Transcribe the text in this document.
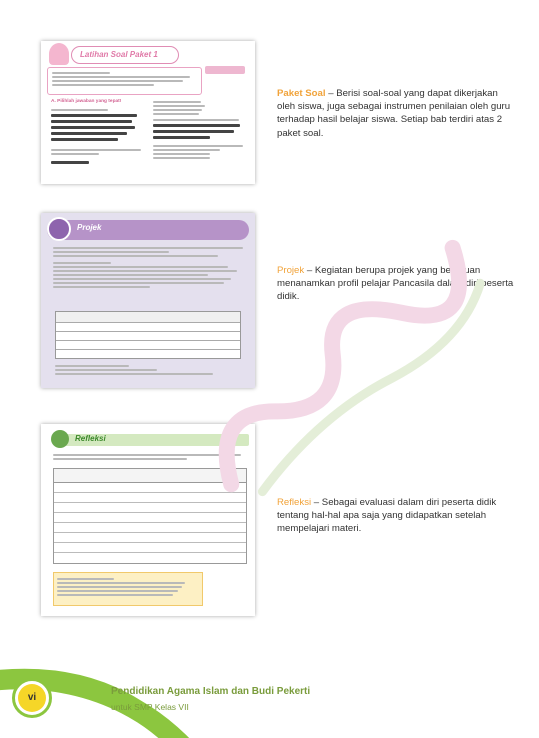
Latihan Soal Paket 1
A. Pilihlah jawaban yang tepat!
Paket Soal – Berisi soal-soal yang dapat dikerjakan oleh siswa, juga sebagai instrumen penilaian oleh guru terhadap hasil belajar siswa. Setiap bab terdiri atas 2 paket soal.
Projek
Projek – Kegiatan berupa projek yang bertujuan menanamkan profil pelajar Pancasila dalam diri peserta didik.
Refleksi
Refleksi – Sebagai evaluasi dalam diri peserta didik tentang hal-hal apa saja yang didapatkan setelah mempelajari materi.
vi
Pendidikan Agama Islam dan Budi Pekerti
untuk SMP Kelas VII
